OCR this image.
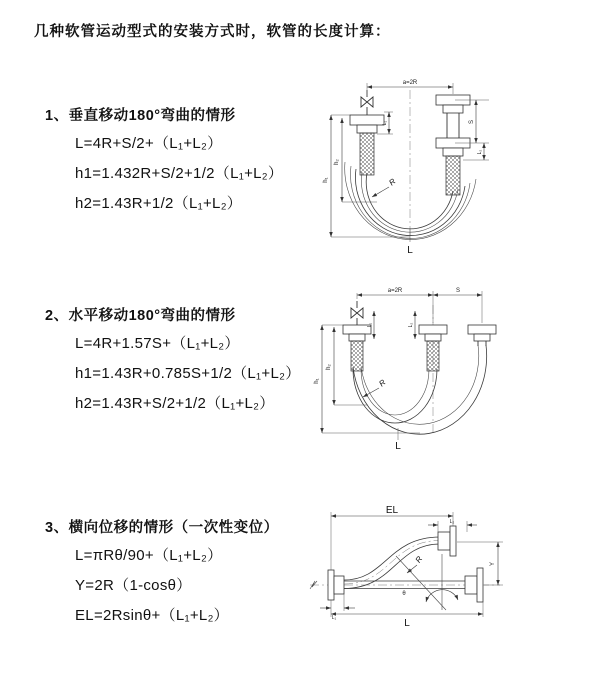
几种软管运动型式的安装方式时，软管的长度计算：
1、垂直移动180°弯曲的情形
L=4R+S/2+（L₁+L₂）
h1=1.432R+S/2+1/2（L₁+L₂）
h2=1.43R+1/2（L₁+L₂）
2、水平移动180°弯曲的情形
L=4R+1.57S+（L₁+L₂）
h1=1.43R+0.785S+1/2（L₁+L₂）
h2=1.43R+S/2+1/2（L₁+L₂）
3、横向位移的情形（一次性变位）
L=πRθ/90+（L₁+L₂）
Y=2R（1-cosθ）
EL=2Rsinθ+（L₁+L₂）
a=2R
h₁
h₂
L₁	S
L₂
R
L
a=2R	S
L₁	L₂
h₁
h₂
R
L
EL
L₂
Y
R
θ
L₁	L
